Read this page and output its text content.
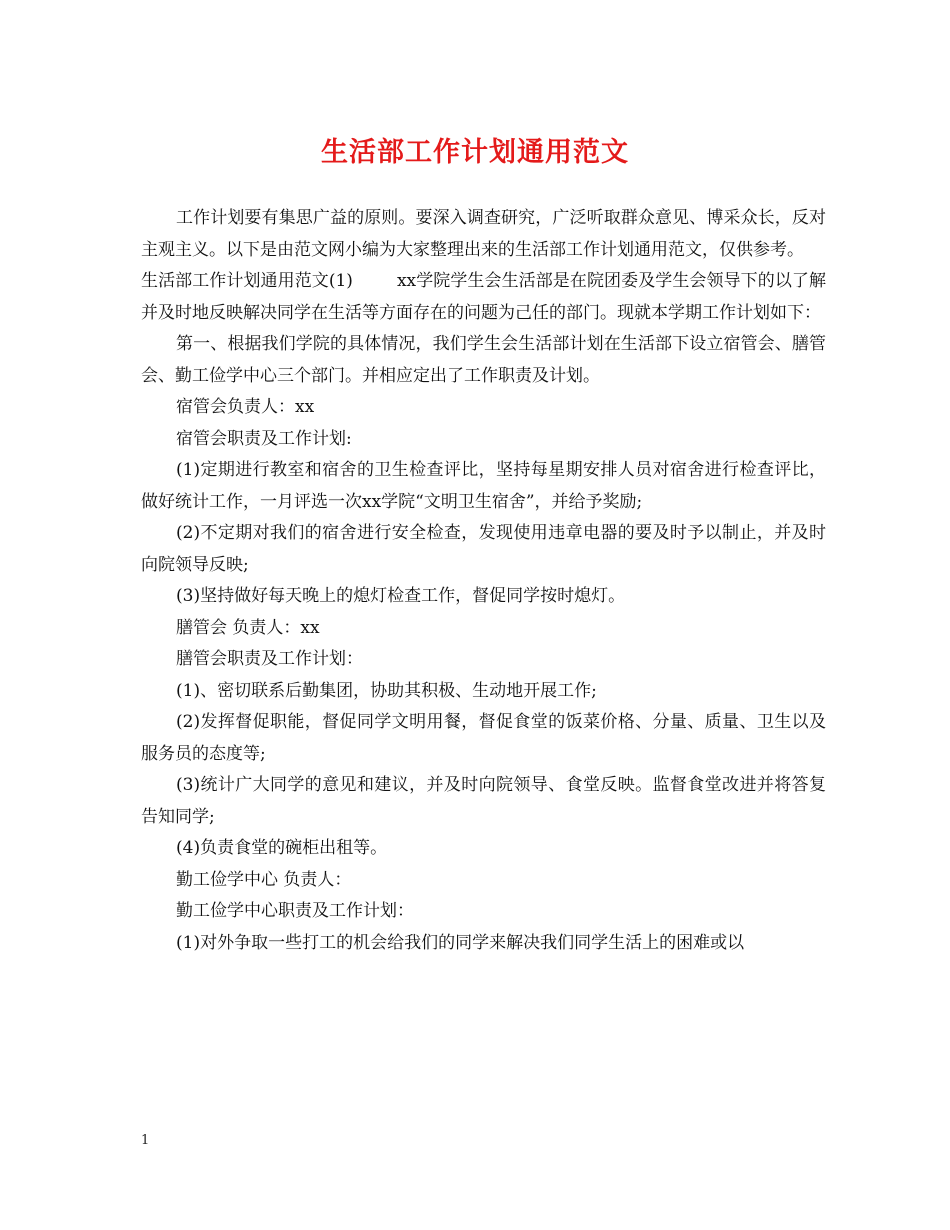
生活部工作计划通用范文

工作计划要有集思广益的原则。要深入调查研究，广泛听取群众意见、博采众长，反对主观主义。以下是由范文网小编为大家整理出来的生活部工作计划通用范文，仅供参考。

生活部工作计划通用范文(1)	xx学院学生会生活部是在院团委及学生会领导下的以了解并及时地反映解决同学在生活等方面存在的问题为己任的部门。现就本学期工作计划如下：

第一、根据我们学院的具体情况，我们学生会生活部计划在生活部下设立宿管会、膳管会、勤工俭学中心三个部门。并相应定出了工作职责及计划。

宿管会负责人：xx

宿管会职责及工作计划:

(1)定期进行教室和宿舍的卫生检查评比，坚持每星期安排人员对宿舍进行检查评比，做好统计工作，一月评选一次xx学院“文明卫生宿舍”，并给予奖励;

(2)不定期对我们的宿舍进行安全检查，发现使用违章电器的要及时予以制止，并及时向院领导反映;

(3)坚持做好每天晚上的熄灯检查工作，督促同学按时熄灯。

膳管会 负责人：xx

膳管会职责及工作计划：

(1)、密切联系后勤集团，协助其积极、生动地开展工作;

(2)发挥督促职能，督促同学文明用餐，督促食堂的饭菜价格、分量、质量、卫生以及服务员的态度等;

(3)统计广大同学的意见和建议，并及时向院领导、食堂反映。监督食堂改进并将答复告知同学;

(4)负责食堂的碗柜出租等。

勤工俭学中心 负责人：

勤工俭学中心职责及工作计划：

(1)对外争取一些打工的机会给我们的同学来解决我们同学生活上的困难或以

1
